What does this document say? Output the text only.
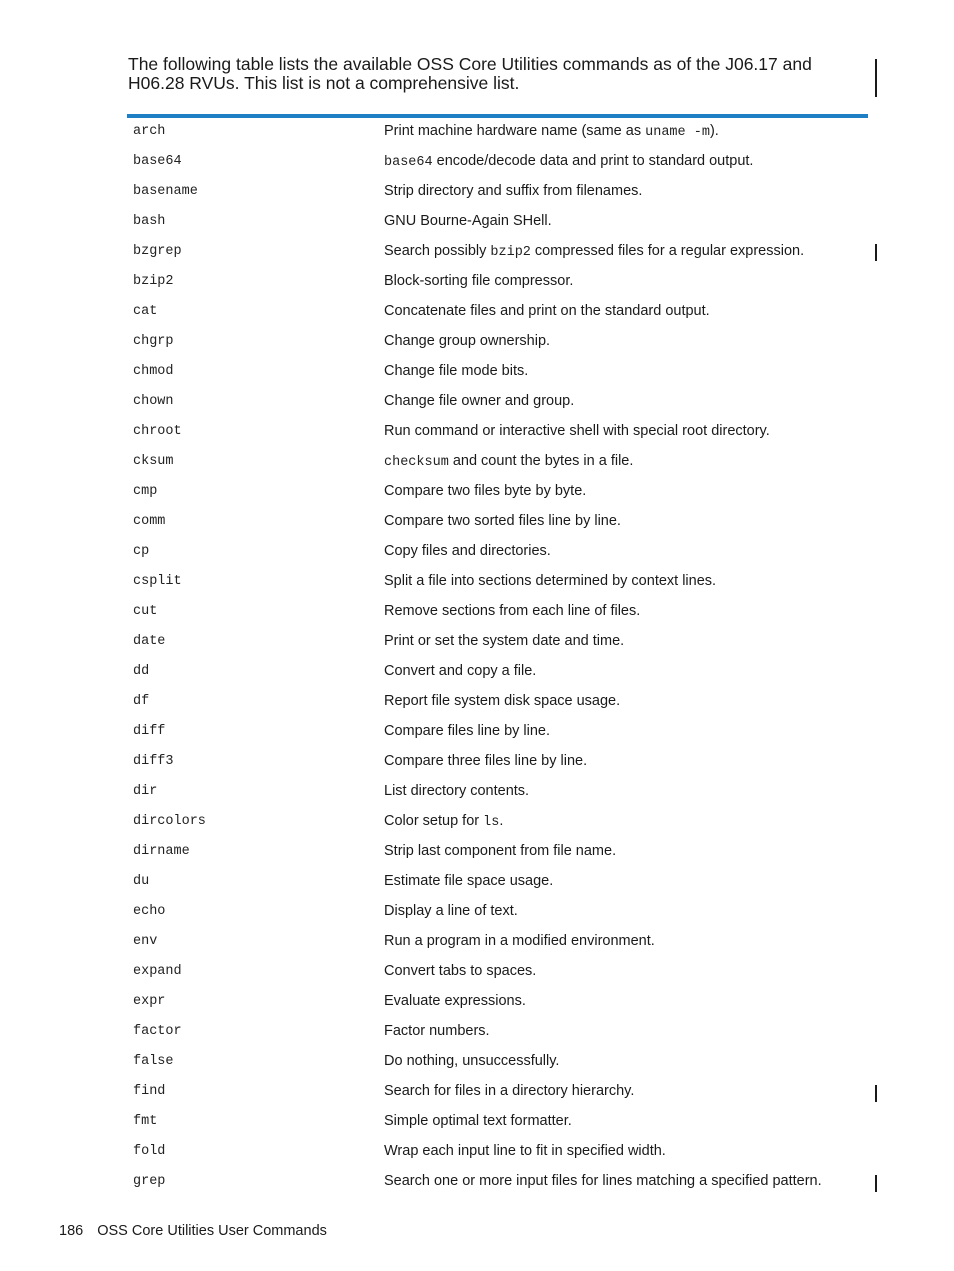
The following table lists the available OSS Core Utilities commands as of the J06.17 and H06.28 RVUs. This list is not a comprehensive list.

arch	Print machine hardware name (same as uname -m).
base64	base64 encode/decode data and print to standard output.
basename	Strip directory and suffix from filenames.
bash	GNU Bourne-Again SHell.
bzgrep	Search possibly bzip2 compressed files for a regular expression.
bzip2	Block-sorting file compressor.
cat	Concatenate files and print on the standard output.
chgrp	Change group ownership.
chmod	Change file mode bits.
chown	Change file owner and group.
chroot	Run command or interactive shell with special root directory.
cksum	checksum and count the bytes in a file.
cmp	Compare two files byte by byte.
comm	Compare two sorted files line by line.
cp	Copy files and directories.
csplit	Split a file into sections determined by context lines.
cut	Remove sections from each line of files.
date	Print or set the system date and time.
dd	Convert and copy a file.
df	Report file system disk space usage.
diff	Compare files line by line.
diff3	Compare three files line by line.
dir	List directory contents.
dircolors	Color setup for ls.
dirname	Strip last component from file name.
du	Estimate file space usage.
echo	Display a line of text.
env	Run a program in a modified environment.
expand	Convert tabs to spaces.
expr	Evaluate expressions.
factor	Factor numbers.
false	Do nothing, unsuccessfully.
find	Search for files in a directory hierarchy.
fmt	Simple optimal text formatter.
fold	Wrap each input line to fit in specified width.
grep	Search one or more input files for lines matching a specified pattern.
186 OSS Core Utilities User Commands
